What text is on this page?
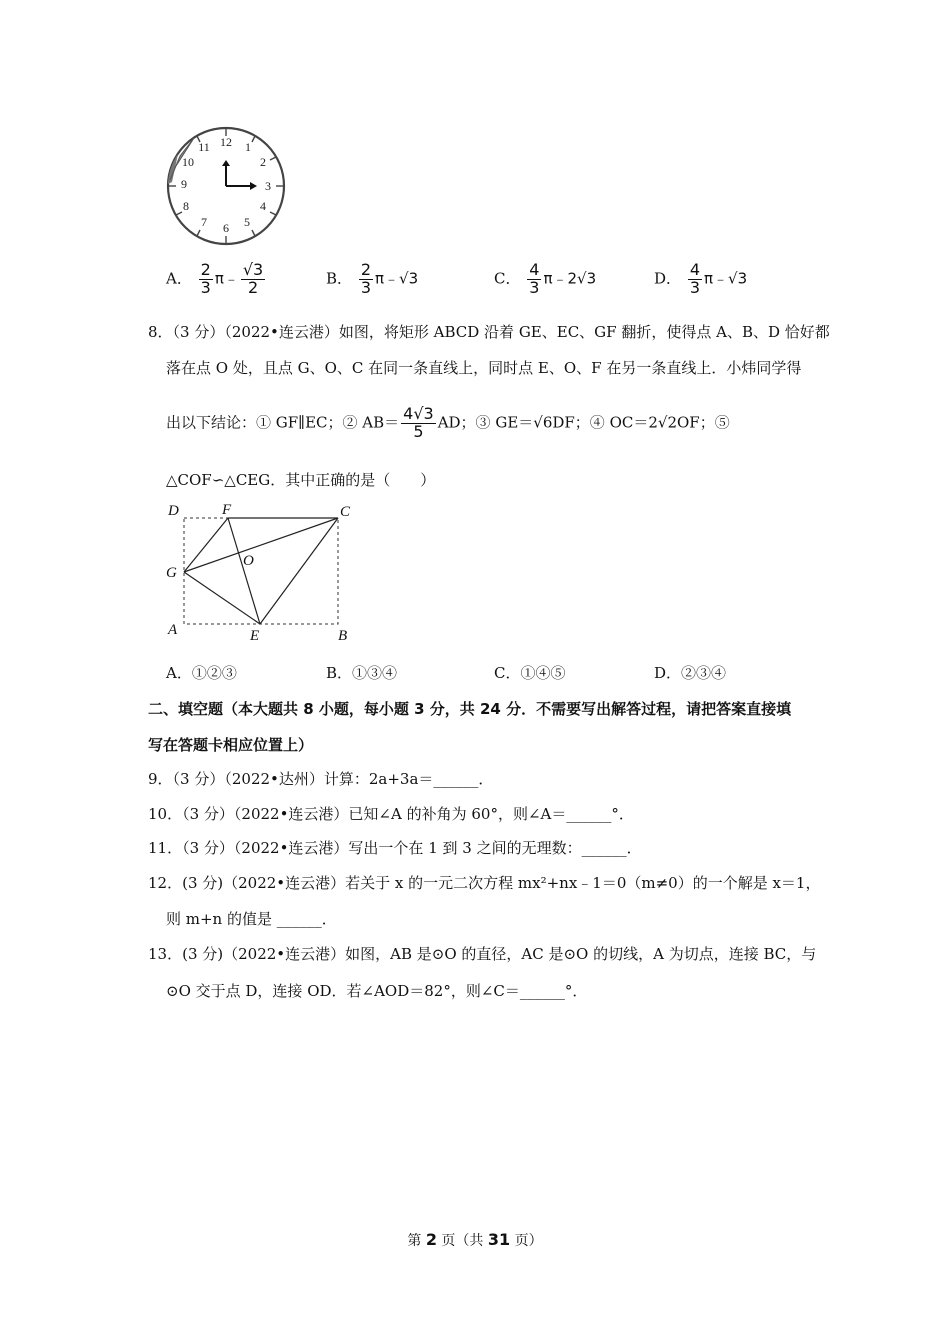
12 1
2
3
4
5
6
7
8
9
10
11
A． $\frac{2}{3}$ π﹣ $\frac{√3}{2}$	B． $\frac{2}{3}$ π﹣√3	C． $\frac{4}{3}$ π﹣2√3	D． $\frac{4}{3}$ π﹣√3
8．（3 分）（2022•连云港）如图，将矩形 ABCD 沿着 GE、EC、GF 翻折，使得点 A、B、D 恰好都
落在点 O 处，且点 G、O、C 在同一条直线上，同时点 E、O、F 在另一条直线上．小炜同学得
出以下结论：① GF∥EC；② $AB= \frac{4√3}{5}$ AD；③ GE＝√6DF；④ OC＝2√2OF；⑤
△COF∽△CEG．其中正确的是（　　）
D	F	C
G
O
A	E	B
A．①②③	B．①③④	C．①④⑤	D．②③④
二、填空题（本大题共 8 小题，每小题 3 分，共 24 分．不需要写出解答过程，请把答案直接填
写在答题卡相应位置上）
9．（3 分）（2022•达州）计算：2a+3a＝______．
10．（3 分）（2022•连云港）已知∠A 的补角为 60°，则∠A＝______°．
11．（3 分）（2022•连云港）写出一个在 1 到 3 之间的无理数：______．
12．(3 分)（2022•连云港）若关于 x 的一元二次方程 mx²+nx﹣1＝0（m≠0）的一个解是 x＝1，
则 m+n 的值是 ______．
13．(3 分)（2022•连云港）如图，AB 是⊙O 的直径，AC 是⊙O 的切线，A 为切点，连接 BC，与
⊙O 交于点 D，连接 OD．若∠AOD＝82°，则∠C＝______°．
第 2 页（共 31 页）
